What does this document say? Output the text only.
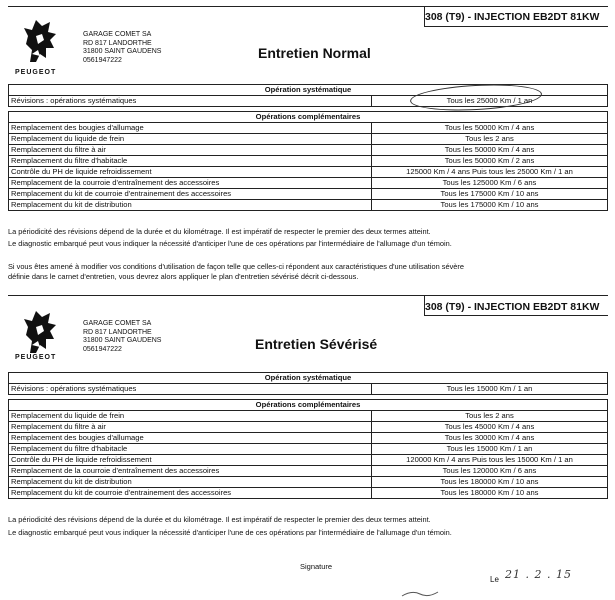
308 (T9) - INJECTION EB2DT 81KW
PEUGEOT
GARAGE COMET SA
RD 817 LANDORTHE
31800 SAINT GAUDENS
0561947222	Entretien Normal
Opération systématique	
Révisions : opérations systématiques	Tous les 25000 Km / 1 an

Opérations complémentaires	
Remplacement des bougies d'allumage	Tous les 50000 Km / 4 ans
Remplacement du liquide de frein	Tous les 2 ans
Remplacement du filtre à air	Tous les 50000 Km / 4 ans
Remplacement du filtre d'habitacle	Tous les 50000 Km / 2 ans
Contrôle du PH de liquide refroidissement	125000 Km / 4 ans Puis tous les 25000 Km / 1 an
Remplacement de la courroie d'entraînement des accessoires	Tous les 125000 Km / 6 ans
Remplacement du kit de courroie d'entrainement des accessoires	Tous les 175000 Km / 10 ans
Remplacement du kit de distribution	Tous les 175000 Km / 10 ans
La périodicité des révisions dépend de la durée et du kilométrage. Il est impératif de respecter le premier des deux termes atteint.
Le diagnostic embarqué peut vous indiquer la nécessité d'anticiper l'une de ces opérations par l'intermédiaire de l'allumage d'un témoin.
Si vous êtes amené à modifier vos conditions d'utilisation de façon telle que celles-ci répondent aux caractéristiques d'une utilisation sévère
définie dans le carnet d'entretien, vous devrez alors appliquer le plan d'entretien sévérisé décrit ci-dessous.
308 (T9) - INJECTION EB2DT 81KW
PEUGEOT
GARAGE COMET SA
RD 817 LANDORTHE
31800 SAINT GAUDENS
0561947222	Entretien Sévérisé
Opération systématique	
Révisions : opérations systématiques	Tous les 15000 Km / 1 an

Opérations complémentaires	
Remplacement du liquide de frein	Tous les 2 ans
Remplacement du filtre à air	Tous les 45000 Km / 4 ans
Remplacement des bougies d'allumage	Tous les 30000 Km / 4 ans
Remplacement du filtre d'habitacle	Tous les 15000 Km / 1 an
Contrôle du PH de liquide refroidissement	120000 Km / 4 ans Puis tous les 15000 Km / 1 an
Remplacement de la courroie d'entraînement des accessoires	Tous les 120000 Km / 6 ans
Remplacement du kit de distribution	Tous les 180000 Km / 10 ans
Remplacement du kit de courroie d'entrainement des accessoires	Tous les 180000 Km / 10 ans
La périodicité des révisions dépend de la durée et du kilométrage. Il est impératif de respecter le premier des deux termes atteint.
Le diagnostic embarqué peut vous indiquer la nécessité d'anticiper l'une de ces opérations par l'intermédiaire de l'allumage d'un témoin.
Signature
Le 21 . 2 . 15
